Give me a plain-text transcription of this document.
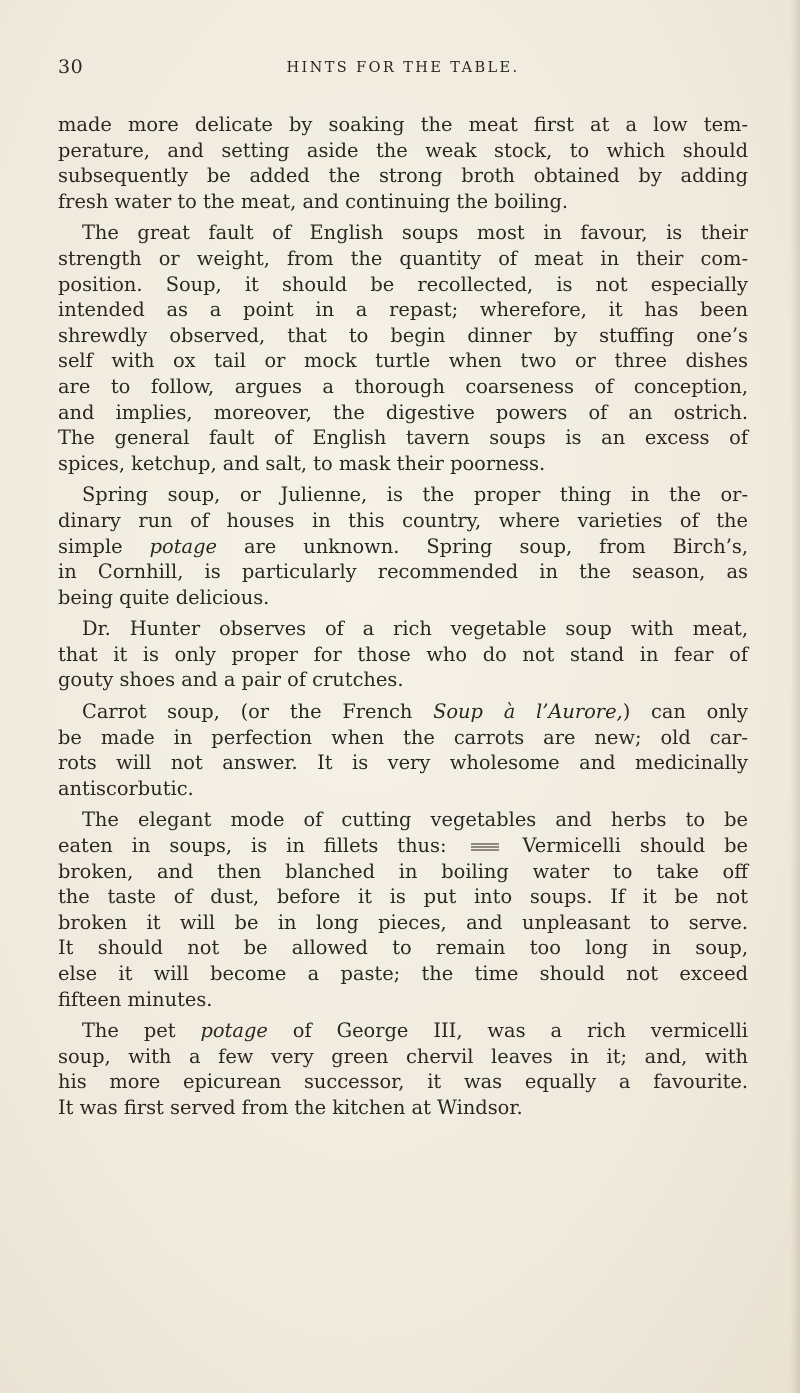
30	HINTS FOR THE TABLE.
made more delicate by soaking the meat first at a low tem-
perature, and setting aside the weak stock, to which should
subsequently be added the strong broth obtained by adding
fresh water to the meat, and continuing the boiling.
The great fault of English soups most in favour, is their
strength or weight, from the quantity of meat in their com-
position. Soup, it should be recollected, is not especially
intended as a point in a repast; wherefore, it has been
shrewdly observed, that to begin dinner by stuffing one’s
self with ox tail or mock turtle when two or three dishes
are to follow, argues a thorough coarseness of conception,
and implies, moreover, the digestive powers of an ostrich.
The general fault of English tavern soups is an excess of
spices, ketchup, and salt, to mask their poorness.
Spring soup, or Julienne, is the proper thing in the or-
dinary run of houses in this country, where varieties of the
simple potage are unknown. Spring soup, from Birch’s,
in Cornhill, is particularly recommended in the season, as
being quite delicious.
Dr. Hunter observes of a rich vegetable soup with meat,
that it is only proper for those who do not stand in fear of
gouty shoes and a pair of crutches.
Carrot soup, (or the French Soup à l’Aurore,) can only
be made in perfection when the carrots are new; old car-
rots will not answer. It is very wholesome and medicinally
antiscorbutic.
The elegant mode of cutting vegetables and herbs to be
eaten in soups, is in fillets thus:	Vermicelli should be
broken, and then blanched in boiling water to take off
the taste of dust, before it is put into soups. If it be not
broken it will be in long pieces, and unpleasant to serve.
It should not be allowed to remain too long in soup,
else it will become a paste; the time should not exceed
fifteen minutes.
The pet potage of George III, was a rich vermicelli
soup, with a few very green chervil leaves in it; and, with
his more epicurean successor, it was equally a favourite.
It was first served from the kitchen at Windsor.
